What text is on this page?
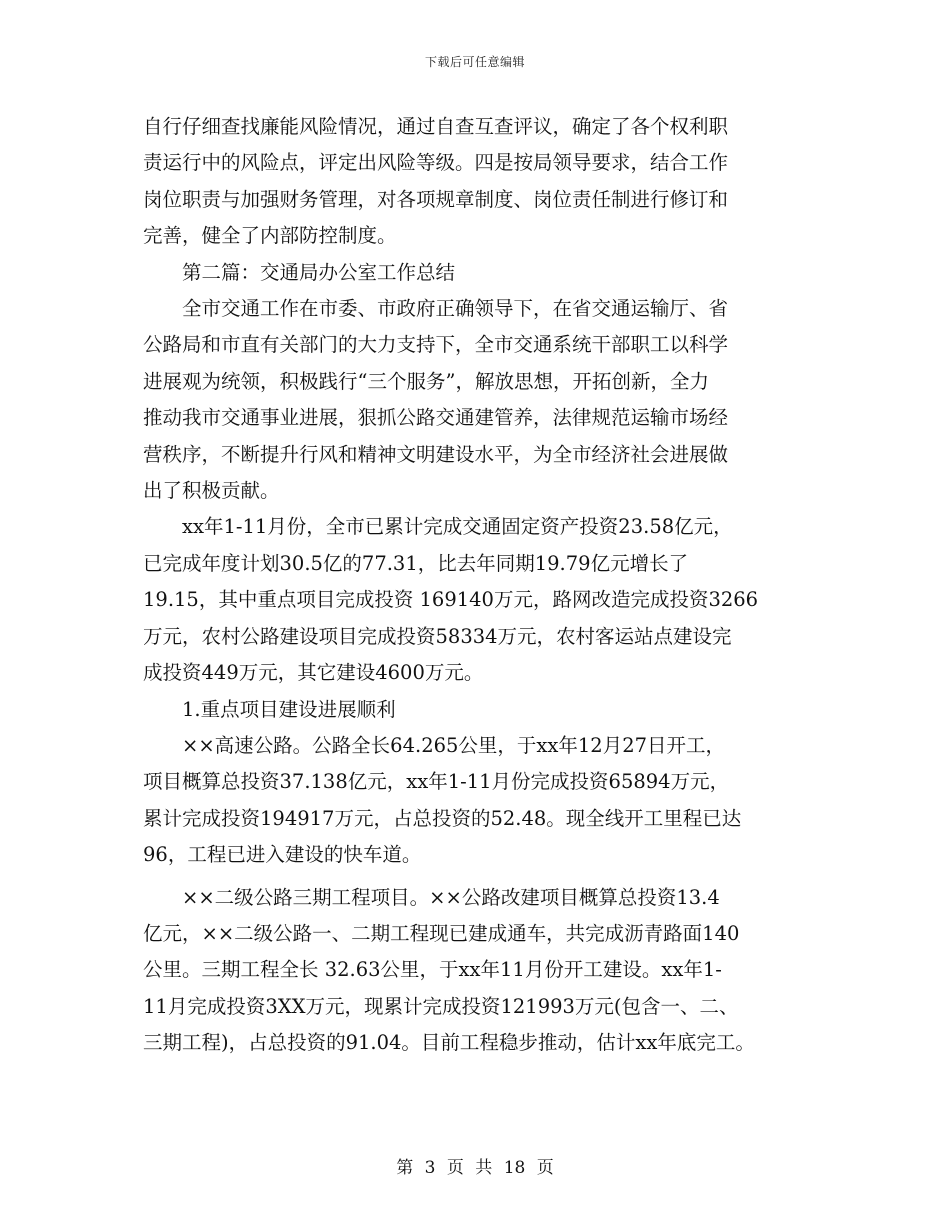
下载后可任意编辑
自行仔细查找廉能风险情况，通过自查互查评议，确定了各个权利职
责运行中的风险点，评定出风险等级。四是按局领导要求，结合工作
岗位职责与加强财务管理，对各项规章制度、岗位责任制进行修订和
完善，健全了内部防控制度。
第二篇：交通局办公室工作总结
全市交通工作在市委、市政府正确领导下，在省交通运输厅、省
公路局和市直有关部门的大力支持下，全市交通系统干部职工以科学
进展观为统领，积极践行“三个服务”，解放思想，开拓创新，全力
推动我市交通事业进展，狠抓公路交通建管养，法律规范运输市场经
营秩序，不断提升行风和精神文明建设水平，为全市经济社会进展做
出了积极贡献。
xx年1-11月份，全市已累计完成交通固定资产投资23.58亿元，
已完成年度计划30.5亿的77.31，比去年同期19.79亿元增长了
19.15，其中重点项目完成投资 169140万元，路网改造完成投资3266
万元，农村公路建设项目完成投资58334万元，农村客运站点建设完
成投资449万元，其它建设4600万元。
1.重点项目建设进展顺利
××高速公路。公路全长64.265公里，于xx年12月27日开工，
项目概算总投资37.138亿元，xx年1-11月份完成投资65894万元，
累计完成投资194917万元，占总投资的52.48。现全线开工里程已达
96，工程已进入建设的快车道。
××二级公路三期工程项目。××公路改建项目概算总投资13.4
亿元，××二级公路一、二期工程现已建成通车，共完成沥青路面140
公里。三期工程全长 32.63公里，于xx年11月份开工建设。xx年1-
11月完成投资3XX万元，现累计完成投资121993万元(包含一、二、
三期工程)，占总投资的91.04。目前工程稳步推动，估计xx年底完工。
第 3 页 共 18 页
